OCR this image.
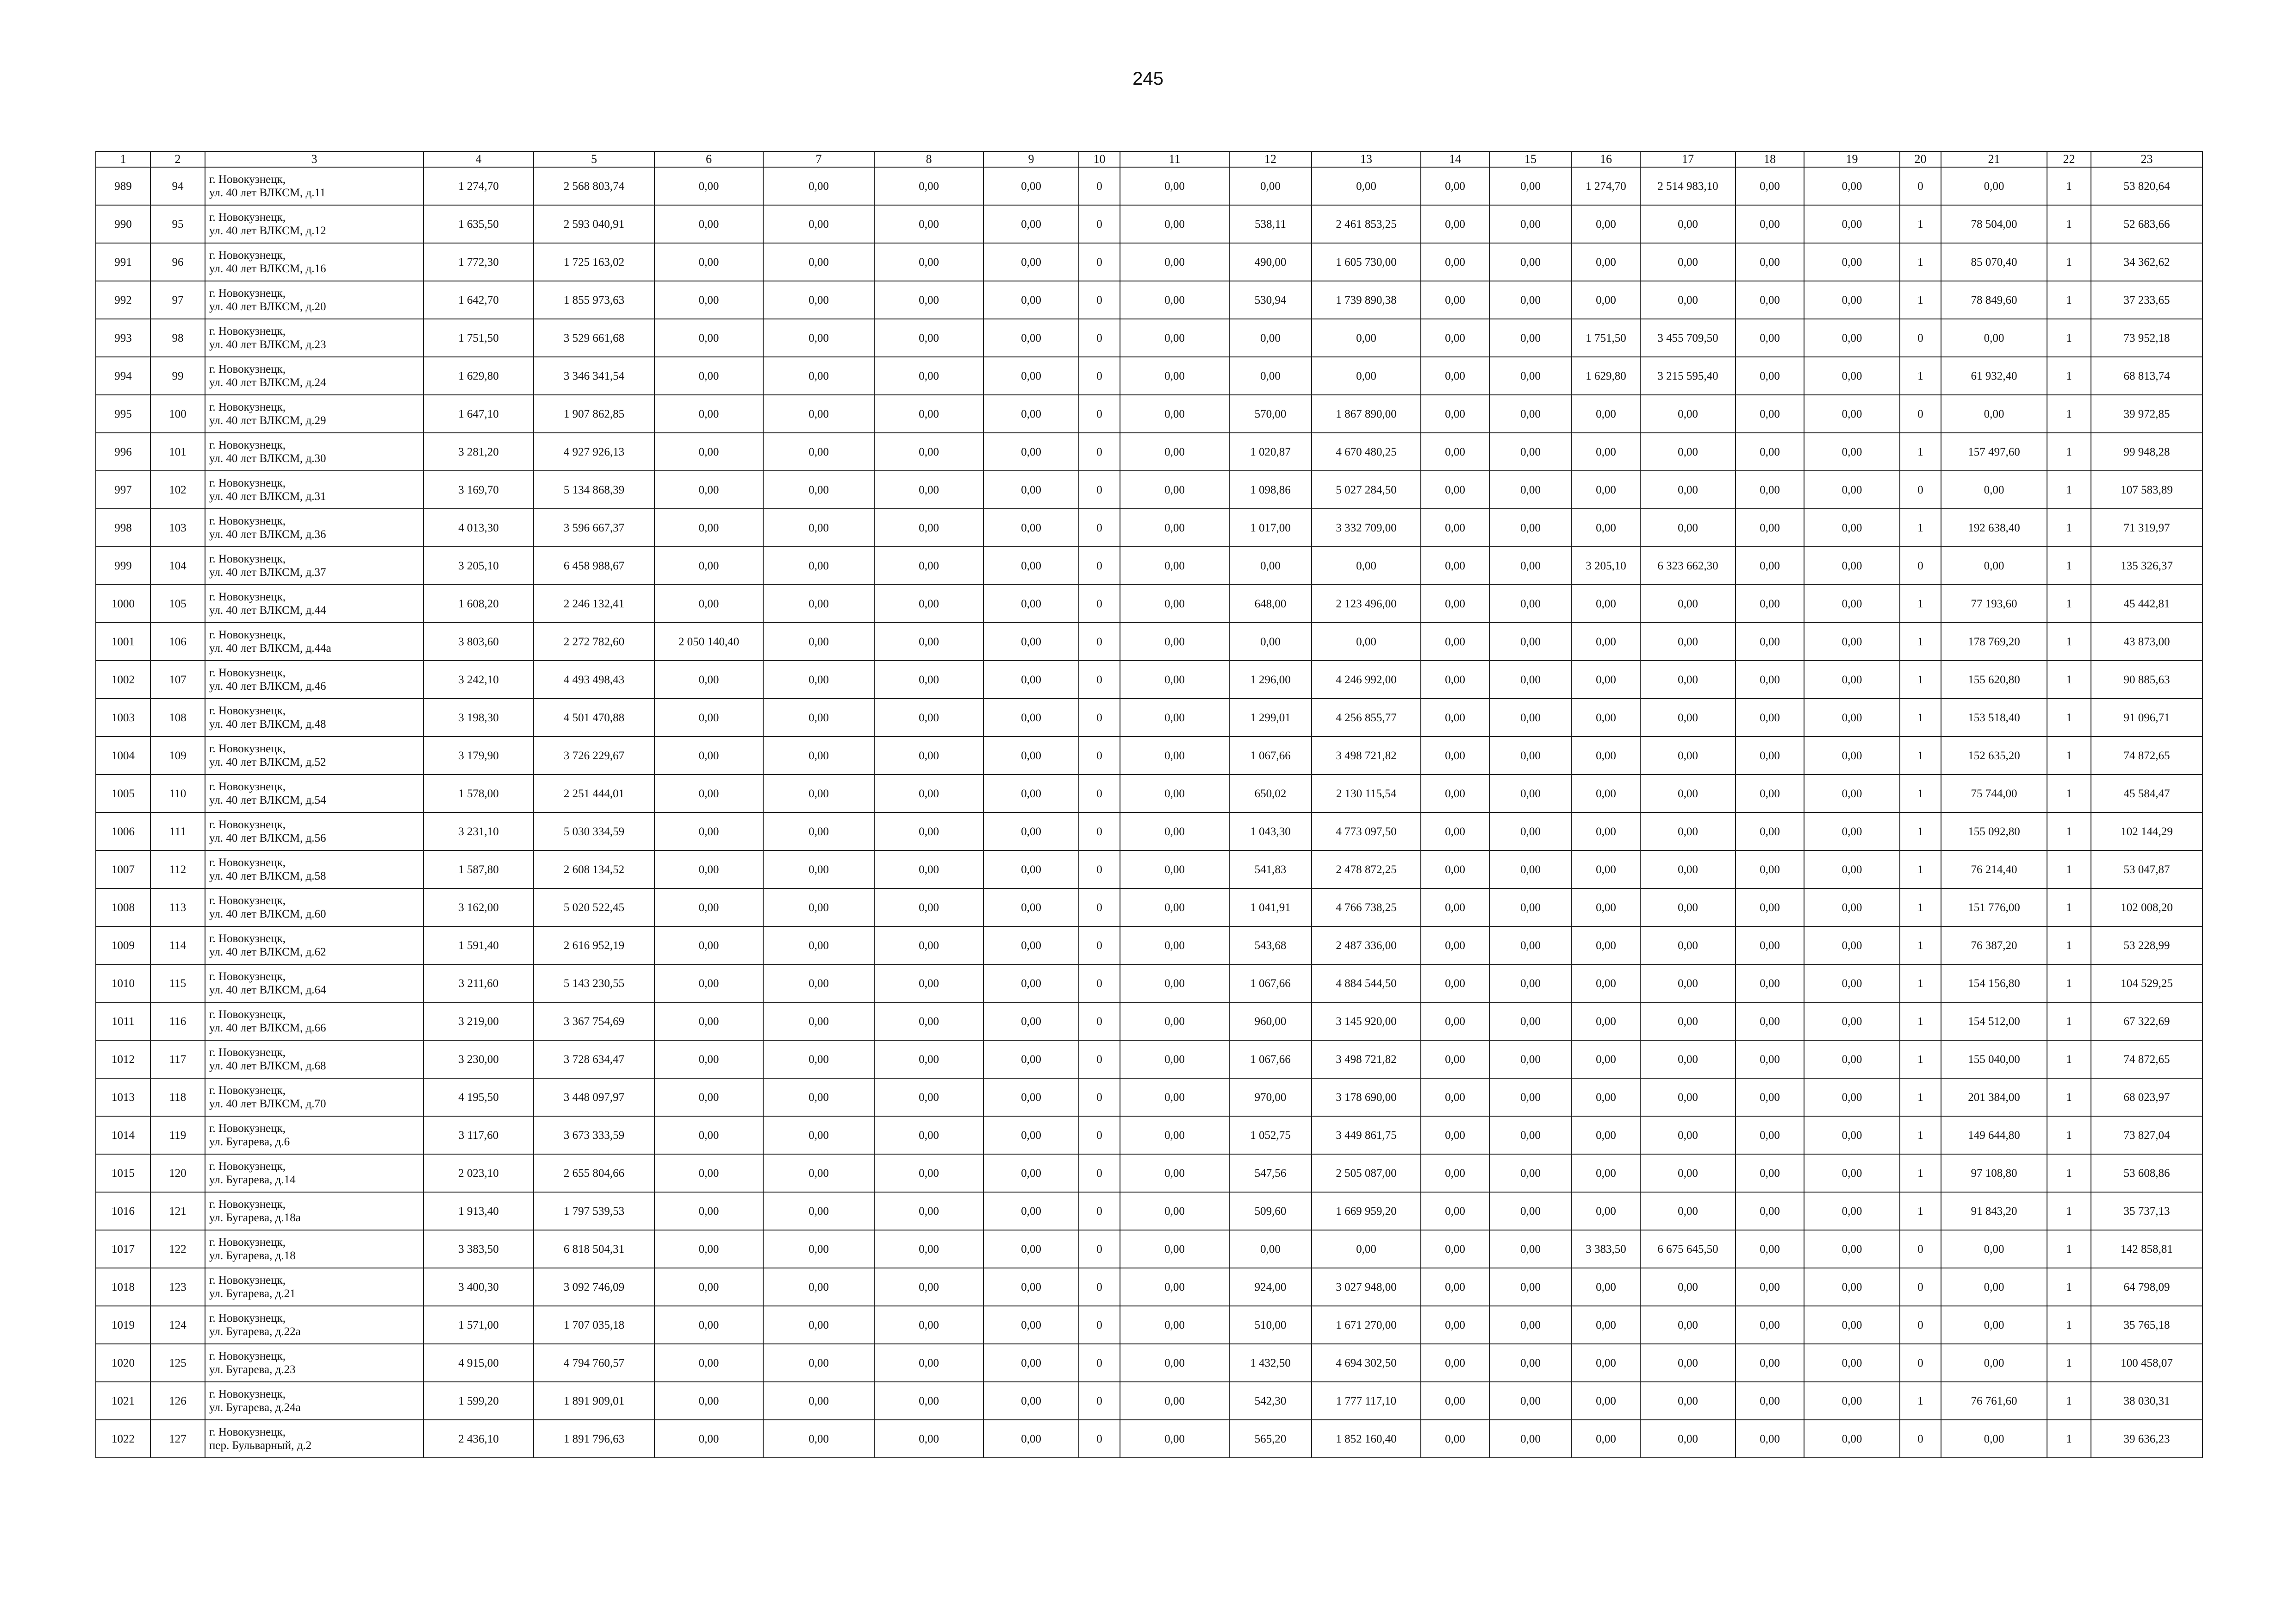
245
1	2	3	4	5	6	7	8	9	10	11	12	13	14	15	16	17	18	19	20	21	22	23
989	94	г. Новокузнецк,
ул. 40 лет ВЛКСМ, д.11	1 274,70	2 568 803,74	0,00	0,00	0,00	0,00	0	0,00	0,00	0,00	0,00	0,00	1 274,70	2 514 983,10	0,00	0,00	0	0,00	1	53 820,64
990	95	г. Новокузнецк,
ул. 40 лет ВЛКСМ, д.12	1 635,50	2 593 040,91	0,00	0,00	0,00	0,00	0	0,00	538,11	2 461 853,25	0,00	0,00	0,00	0,00	0,00	0,00	1	78 504,00	1	52 683,66
991	96	г. Новокузнецк,
ул. 40 лет ВЛКСМ, д.16	1 772,30	1 725 163,02	0,00	0,00	0,00	0,00	0	0,00	490,00	1 605 730,00	0,00	0,00	0,00	0,00	0,00	0,00	1	85 070,40	1	34 362,62
992	97	г. Новокузнецк,
ул. 40 лет ВЛКСМ, д.20	1 642,70	1 855 973,63	0,00	0,00	0,00	0,00	0	0,00	530,94	1 739 890,38	0,00	0,00	0,00	0,00	0,00	0,00	1	78 849,60	1	37 233,65
993	98	г. Новокузнецк,
ул. 40 лет ВЛКСМ, д.23	1 751,50	3 529 661,68	0,00	0,00	0,00	0,00	0	0,00	0,00	0,00	0,00	0,00	1 751,50	3 455 709,50	0,00	0,00	0	0,00	1	73 952,18
994	99	г. Новокузнецк,
ул. 40 лет ВЛКСМ, д.24	1 629,80	3 346 341,54	0,00	0,00	0,00	0,00	0	0,00	0,00	0,00	0,00	0,00	1 629,80	3 215 595,40	0,00	0,00	1	61 932,40	1	68 813,74
995	100	г. Новокузнецк,
ул. 40 лет ВЛКСМ, д.29	1 647,10	1 907 862,85	0,00	0,00	0,00	0,00	0	0,00	570,00	1 867 890,00	0,00	0,00	0,00	0,00	0,00	0,00	0	0,00	1	39 972,85
996	101	г. Новокузнецк,
ул. 40 лет ВЛКСМ, д.30	3 281,20	4 927 926,13	0,00	0,00	0,00	0,00	0	0,00	1 020,87	4 670 480,25	0,00	0,00	0,00	0,00	0,00	0,00	1	157 497,60	1	99 948,28
997	102	г. Новокузнецк,
ул. 40 лет ВЛКСМ, д.31	3 169,70	5 134 868,39	0,00	0,00	0,00	0,00	0	0,00	1 098,86	5 027 284,50	0,00	0,00	0,00	0,00	0,00	0,00	0	0,00	1	107 583,89
998	103	г. Новокузнецк,
ул. 40 лет ВЛКСМ, д.36	4 013,30	3 596 667,37	0,00	0,00	0,00	0,00	0	0,00	1 017,00	3 332 709,00	0,00	0,00	0,00	0,00	0,00	0,00	1	192 638,40	1	71 319,97
999	104	г. Новокузнецк,
ул. 40 лет ВЛКСМ, д.37	3 205,10	6 458 988,67	0,00	0,00	0,00	0,00	0	0,00	0,00	0,00	0,00	0,00	3 205,10	6 323 662,30	0,00	0,00	0	0,00	1	135 326,37
1000	105	г. Новокузнецк,
ул. 40 лет ВЛКСМ, д.44	1 608,20	2 246 132,41	0,00	0,00	0,00	0,00	0	0,00	648,00	2 123 496,00	0,00	0,00	0,00	0,00	0,00	0,00	1	77 193,60	1	45 442,81
1001	106	г. Новокузнецк,
ул. 40 лет ВЛКСМ, д.44а	3 803,60	2 272 782,60	2 050 140,40	0,00	0,00	0,00	0	0,00	0,00	0,00	0,00	0,00	0,00	0,00	0,00	0,00	1	178 769,20	1	43 873,00
1002	107	г. Новокузнецк,
ул. 40 лет ВЛКСМ, д.46	3 242,10	4 493 498,43	0,00	0,00	0,00	0,00	0	0,00	1 296,00	4 246 992,00	0,00	0,00	0,00	0,00	0,00	0,00	1	155 620,80	1	90 885,63
1003	108	г. Новокузнецк,
ул. 40 лет ВЛКСМ, д.48	3 198,30	4 501 470,88	0,00	0,00	0,00	0,00	0	0,00	1 299,01	4 256 855,77	0,00	0,00	0,00	0,00	0,00	0,00	1	153 518,40	1	91 096,71
1004	109	г. Новокузнецк,
ул. 40 лет ВЛКСМ, д.52	3 179,90	3 726 229,67	0,00	0,00	0,00	0,00	0	0,00	1 067,66	3 498 721,82	0,00	0,00	0,00	0,00	0,00	0,00	1	152 635,20	1	74 872,65
1005	110	г. Новокузнецк,
ул. 40 лет ВЛКСМ, д.54	1 578,00	2 251 444,01	0,00	0,00	0,00	0,00	0	0,00	650,02	2 130 115,54	0,00	0,00	0,00	0,00	0,00	0,00	1	75 744,00	1	45 584,47
1006	111	г. Новокузнецк,
ул. 40 лет ВЛКСМ, д.56	3 231,10	5 030 334,59	0,00	0,00	0,00	0,00	0	0,00	1 043,30	4 773 097,50	0,00	0,00	0,00	0,00	0,00	0,00	1	155 092,80	1	102 144,29
1007	112	г. Новокузнецк,
ул. 40 лет ВЛКСМ, д.58	1 587,80	2 608 134,52	0,00	0,00	0,00	0,00	0	0,00	541,83	2 478 872,25	0,00	0,00	0,00	0,00	0,00	0,00	1	76 214,40	1	53 047,87
1008	113	г. Новокузнецк,
ул. 40 лет ВЛКСМ, д.60	3 162,00	5 020 522,45	0,00	0,00	0,00	0,00	0	0,00	1 041,91	4 766 738,25	0,00	0,00	0,00	0,00	0,00	0,00	1	151 776,00	1	102 008,20
1009	114	г. Новокузнецк,
ул. 40 лет ВЛКСМ, д.62	1 591,40	2 616 952,19	0,00	0,00	0,00	0,00	0	0,00	543,68	2 487 336,00	0,00	0,00	0,00	0,00	0,00	0,00	1	76 387,20	1	53 228,99
1010	115	г. Новокузнецк,
ул. 40 лет ВЛКСМ, д.64	3 211,60	5 143 230,55	0,00	0,00	0,00	0,00	0	0,00	1 067,66	4 884 544,50	0,00	0,00	0,00	0,00	0,00	0,00	1	154 156,80	1	104 529,25
1011	116	г. Новокузнецк,
ул. 40 лет ВЛКСМ, д.66	3 219,00	3 367 754,69	0,00	0,00	0,00	0,00	0	0,00	960,00	3 145 920,00	0,00	0,00	0,00	0,00	0,00	0,00	1	154 512,00	1	67 322,69
1012	117	г. Новокузнецк,
ул. 40 лет ВЛКСМ, д.68	3 230,00	3 728 634,47	0,00	0,00	0,00	0,00	0	0,00	1 067,66	3 498 721,82	0,00	0,00	0,00	0,00	0,00	0,00	1	155 040,00	1	74 872,65
1013	118	г. Новокузнецк,
ул. 40 лет ВЛКСМ, д.70	4 195,50	3 448 097,97	0,00	0,00	0,00	0,00	0	0,00	970,00	3 178 690,00	0,00	0,00	0,00	0,00	0,00	0,00	1	201 384,00	1	68 023,97
1014	119	г. Новокузнецк,
ул. Бугарева, д.6	3 117,60	3 673 333,59	0,00	0,00	0,00	0,00	0	0,00	1 052,75	3 449 861,75	0,00	0,00	0,00	0,00	0,00	0,00	1	149 644,80	1	73 827,04
1015	120	г. Новокузнецк,
ул. Бугарева, д.14	2 023,10	2 655 804,66	0,00	0,00	0,00	0,00	0	0,00	547,56	2 505 087,00	0,00	0,00	0,00	0,00	0,00	0,00	1	97 108,80	1	53 608,86
1016	121	г. Новокузнецк,
ул. Бугарева, д.18а	1 913,40	1 797 539,53	0,00	0,00	0,00	0,00	0	0,00	509,60	1 669 959,20	0,00	0,00	0,00	0,00	0,00	0,00	1	91 843,20	1	35 737,13
1017	122	г. Новокузнецк,
ул. Бугарева, д.18	3 383,50	6 818 504,31	0,00	0,00	0,00	0,00	0	0,00	0,00	0,00	0,00	0,00	3 383,50	6 675 645,50	0,00	0,00	0	0,00	1	142 858,81
1018	123	г. Новокузнецк,
ул. Бугарева, д.21	3 400,30	3 092 746,09	0,00	0,00	0,00	0,00	0	0,00	924,00	3 027 948,00	0,00	0,00	0,00	0,00	0,00	0,00	0	0,00	1	64 798,09
1019	124	г. Новокузнецк,
ул. Бугарева, д.22а	1 571,00	1 707 035,18	0,00	0,00	0,00	0,00	0	0,00	510,00	1 671 270,00	0,00	0,00	0,00	0,00	0,00	0,00	0	0,00	1	35 765,18
1020	125	г. Новокузнецк,
ул. Бугарева, д.23	4 915,00	4 794 760,57	0,00	0,00	0,00	0,00	0	0,00	1 432,50	4 694 302,50	0,00	0,00	0,00	0,00	0,00	0,00	0	0,00	1	100 458,07
1021	126	г. Новокузнецк,
ул. Бугарева, д.24а	1 599,20	1 891 909,01	0,00	0,00	0,00	0,00	0	0,00	542,30	1 777 117,10	0,00	0,00	0,00	0,00	0,00	0,00	1	76 761,60	1	38 030,31
1022	127	г. Новокузнецк,
пер. Бульварный, д.2	2 436,10	1 891 796,63	0,00	0,00	0,00	0,00	0	0,00	565,20	1 852 160,40	0,00	0,00	0,00	0,00	0,00	0,00	0	0,00	1	39 636,23
